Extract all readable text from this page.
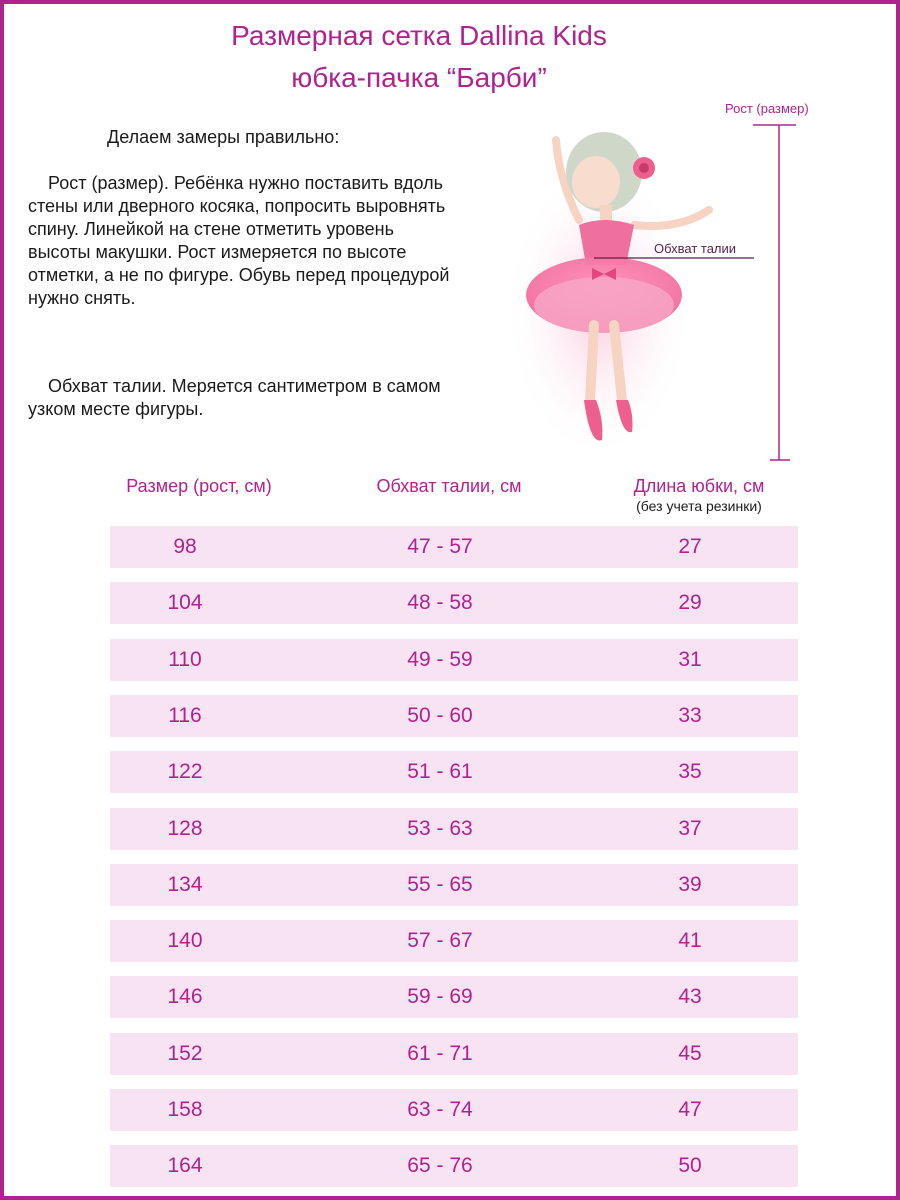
Размерная сетка Dallina Kids
юбка-пачка “Барби”
Делаем замеры правильно:

Рост (размер). Ребёнка нужно поставить вдоль стены или дверного косяка, попросить выровнять спину. Линейкой на стене отметить уровень высоты макушки. Рост измеряется по высоте отметки, а не по фигуре. Обувь перед процедурой нужно снять.

Обхват талии. Меряется сантиметром в самом узком месте фигуры.

Рост (размер)
Обхват талии
Размер (рост, см)	Обхват талии, см	Длина юбки, см
(без учета резинки)
98	47 - 57	27
104	48 - 58	29
110	49 - 59	31
116	50 - 60	33
122	51 - 61	35
128	53 - 63	37
134	55 - 65	39
140	57 - 67	41
146	59 - 69	43
152	61 - 71	45
158	63 - 74	47
164	65 - 76	50
